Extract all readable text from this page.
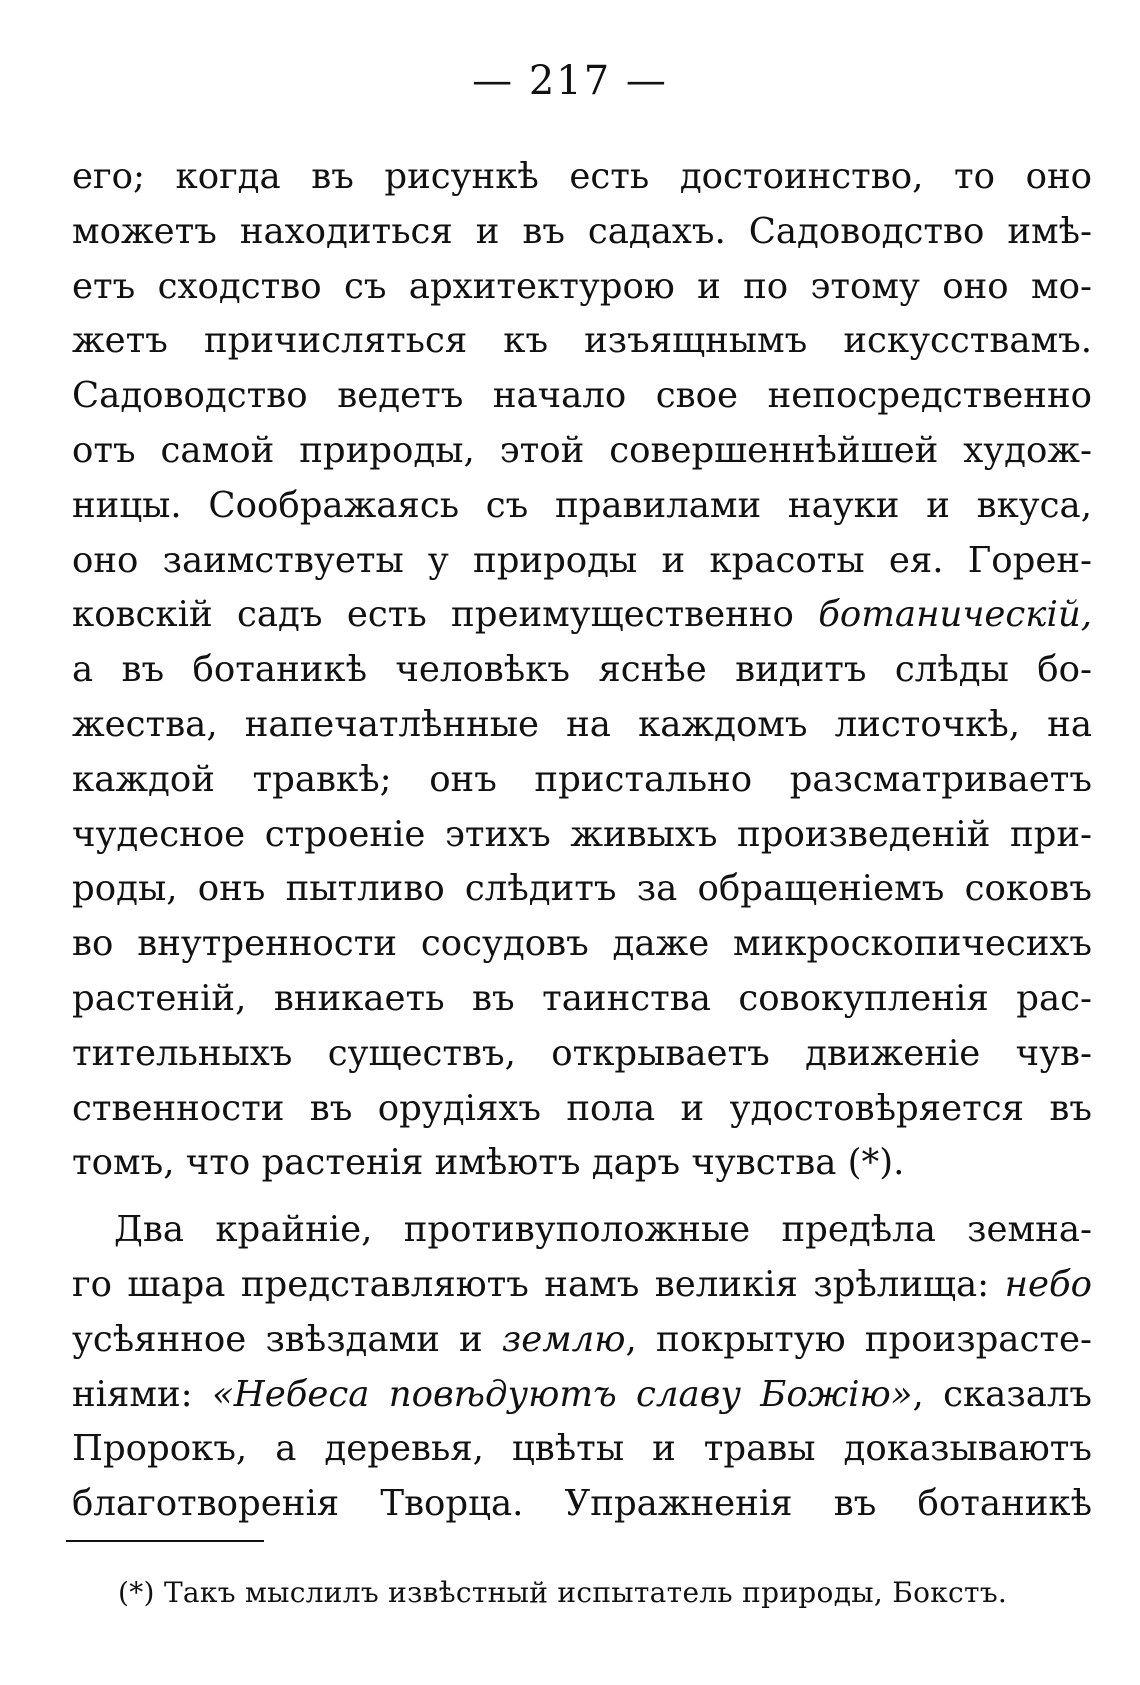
— 217 —
его; когда въ рисункѣ есть достоинство, то оно
можетъ находиться и въ садахъ. Садоводство имѣ-
етъ сходство съ архитектурою и по этому оно мо-
жетъ причисляться къ изъящнымъ искусствамъ.
Садоводство ведетъ начало свое непосредственно
отъ самой природы, этой совершеннѣйшей худож-
ницы. Соображаясь съ правилами науки и вкуса,
оно заимствуеты у природы и красоты ея. Горен-
ковскій садъ есть преимущественно ботаническій,
а въ ботаникѣ человѣкъ яснѣе видитъ слѣды бо-
жества, напечатлѣнные на каждомъ листочкѣ, на
каждой травкѣ; онъ пристально разсматриваетъ
чудесное строеніе этихъ живыхъ произведеній при-
роды, онъ пытливо слѣдитъ за обращеніемъ соковъ
во внутренности сосудовъ даже микроскопичесихъ
растеній, вникаеть въ таинства совокупленія рас-
тительныхъ существъ, открываетъ движеніе чув-
ственности въ орудіяхъ пола и удостовѣряется въ
томъ, что растенія имѣютъ даръ чувства (*).
Два крайніе, противуположные предѣла земна-
го шара представляютъ намъ великія зрѣлища: небо
усѣянное звѣздами и землю, покрытую произрасте-
ніями: «Небеса повѣдуютъ славу Божію», сказалъ
Пророкъ, а деревья, цвѣты и травы доказываютъ
благотворенія Творца. Упражненія въ ботаникѣ
(*) Такъ мыслилъ извѣстный испытатель природы, Бокстъ.
